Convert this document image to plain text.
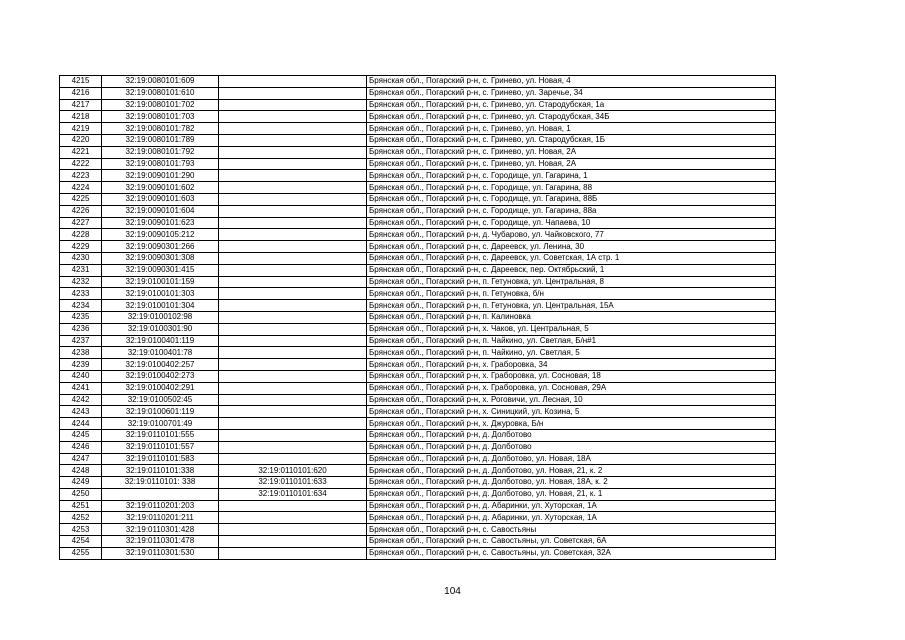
4215	32:19:0080101:609		Брянская обл., Погарский р-н, с. Гринево, ул. Новая, 4
4216	32:19:0080101:610		Брянская обл., Погарский р-н, с. Гринево, ул. Заречье, 34
4217	32:19:0080101:702		Брянская обл., Погарский р-н, с. Гринево, ул. Стародубская, 1а
4218	32:19:0080101:703		Брянская обл., Погарский р-н, с. Гринево, ул. Стародубская, 34Б
4219	32:19:0080101:782		Брянская обл., Погарский р-н, с. Гринево, ул. Новая, 1
4220	32:19:0080101:789		Брянская обл., Погарский р-н, с. Гринево, ул. Стародубская, 1Б
4221	32:19:0080101:792		Брянская обл., Погарский р-н, с. Гринево, ул. Новая, 2А
4222	32:19:0080101:793		Брянская обл., Погарский р-н, с. Гринево, ул. Новая, 2А
4223	32:19:0090101:290		Брянская обл., Погарский р-н, с. Городище, ул. Гагарина, 1
4224	32:19:0090101:602		Брянская обл., Погарский р-н, с. Городище, ул. Гагарина, 88
4225	32:19:0090101:603		Брянская обл., Погарский р-н, с. Городище, ул. Гагарина, 88Б
4226	32:19:0090101:604		Брянская обл., Погарский р-н, с. Городище, ул. Гагарина, 88а
4227	32:19:0090101:623		Брянская обл., Погарский р-н, с. Городище, ул. Чапаева, 10
4228	32:19:0090105:212		Брянская обл., Погарский р-н, д. Чубарово, ул. Чайковского, 77
4229	32:19:0090301:266		Брянская обл., Погарский р-н, с. Дареевск, ул. Ленина, 30
4230	32:19:0090301:308		Брянская обл., Погарский р-н, с. Дареевск, ул. Советская, 1А стр. 1
4231	32:19:0090301:415		Брянская обл., Погарский р-н, с. Дареевск, пер. Октябрьский, 1
4232	32:19:0100101:159		Брянская обл., Погарский р-н, п. Гетуновка, ул. Центральная, 8
4233	32:19:0100101:303		Брянская обл., Погарский р-н, п. Гетуновка, б/н
4234	32:19:0100101:304		Брянская обл., Погарский р-н, п. Гетуновка, ул. Центральная, 15А
4235	32:19:0100102:98		Брянская обл., Погарский р-н, п. Калиновка
4236	32:19:0100301:90		Брянская обл., Погарский р-н, х. Чаков, ул. Центральная, 5
4237	32:19:0100401:119		Брянская обл., Погарский р-н, п. Чайкино, ул. Светлая, Б/н#1
4238	32:19:0100401:78		Брянская обл., Погарский р-н, п. Чайкино, ул. Светлая, 5
4239	32:19:0100402:257		Брянская обл., Погарский р-н, х. Граборовка, 34
4240	32:19:0100402:273		Брянская обл., Погарский р-н, х. Граборовка, ул. Сосновая, 18
4241	32:19:0100402:291		Брянская обл., Погарский р-н, х. Граборовка, ул. Сосновая, 29А
4242	32:19:0100502:45		Брянская обл., Погарский р-н, х. Роговичи, ул. Лесная, 10
4243	32:19:0100601:119		Брянская обл., Погарский р-н, х. Синицкий, ул. Козина, 5
4244	32:19:0100701:49		Брянская обл., Погарский р-н, х. Джуровка, Б/н
4245	32:19:0110101:555		Брянская обл., Погарский р-н, д. Долботово
4246	32:19:0110101:557		Брянская обл., Погарский р-н, д. Долботово
4247	32:19:0110101:583		Брянская обл., Погарский р-н, д. Долботово, ул. Новая, 18А
4248	32:19:0110101:338	32:19:0110101:620	Брянская обл., Погарский р-н, д. Долботово, ул. Новая, 21, к. 2
4249	32:19:0110101: 338	32:19:0110101:633	Брянская обл., Погарский р-н, д. Долботово, ул. Новая, 18А, к. 2
4250		32:19:0110101:634	Брянская обл., Погарский р-н, д. Долботово, ул. Новая, 21, к. 1
4251	32:19:0110201:203		Брянская обл., Погарский р-н, д. Абаринки, ул. Хуторская, 1А
4252	32:19:0110201:211		Брянская обл., Погарский р-н, д. Абаринки, ул. Хуторская, 1А
4253	32:19:0110301:428		Брянская обл., Погарский р-н, с. Савостьяны
4254	32:19:0110301:478		Брянская обл., Погарский р-н, с. Савостьяны, ул. Советская, 6А
4255	32:19:0110301:530		Брянская обл., Погарский р-н, с. Савостьяны, ул. Советская, 32А
104
